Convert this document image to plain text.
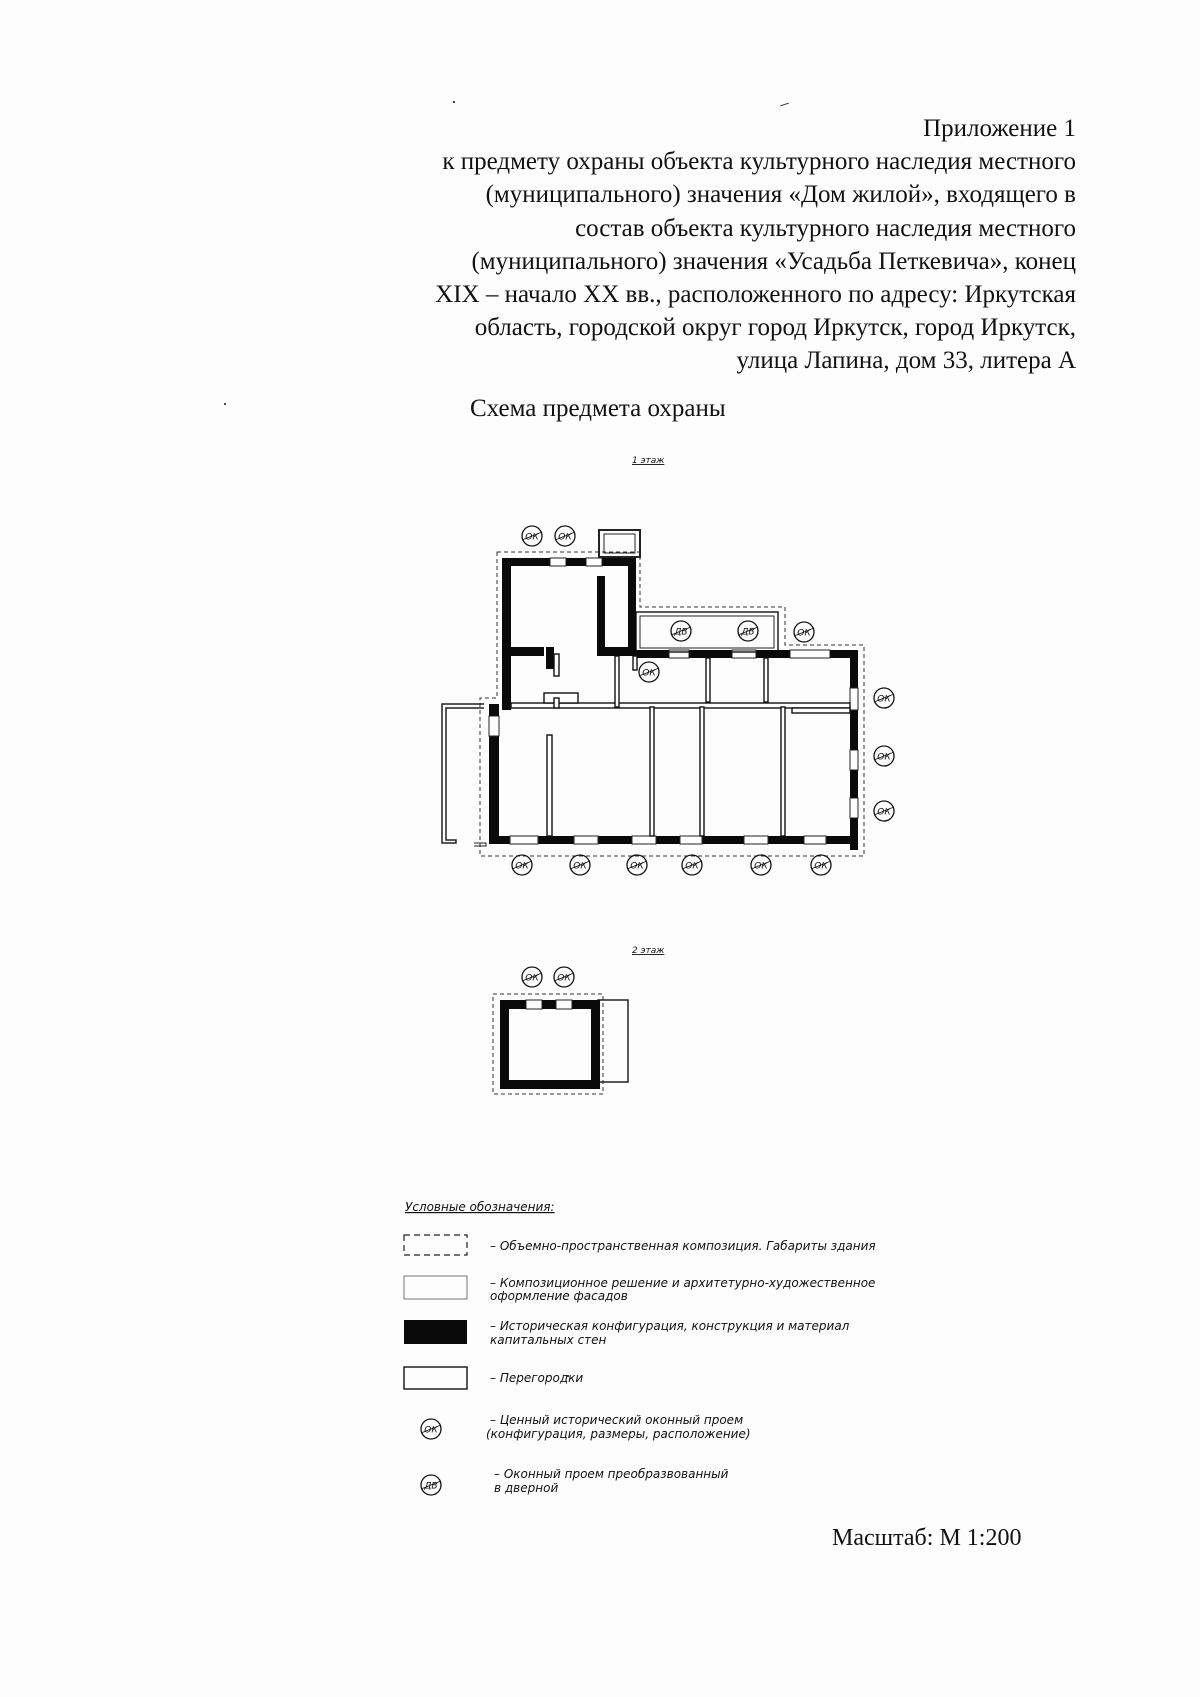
Приложение 1
к предмету охраны объекта культурного наследия местного
(муниципального) значения «Дом жилой», входящего в
состав объекта культурного наследия местного
(муниципального) значения «Усадьба Петкевича», конец
XIX – начало XX вв., расположенного по адресу: Иркутская
область, городской округ город Иркутск, город Иркутск,
улица Лапина, дом 33, литера А
Схема предмета охраны
1 этаж
ОК ОК
ОК
ОК
ОК
ОК
ОК
ОК	ОК	ОК	ОК	ОК	ОК
ДВ	ДВ
2 этаж
ОК ОК
Условные обозначения:
– Объемно-пространственная композиция. Габариты здания
– Композиционное решение и архитетурно-художественное оформление фасадов
– Историческая конфигурация, конструкция и материал капитальных стен
– Перегородки
ОК
– Ценный исторический оконный проем (конфигурация, размеры, расположение)
ДВ
– Оконный проем преобразвованный в дверной
Масштаб: М 1:200
